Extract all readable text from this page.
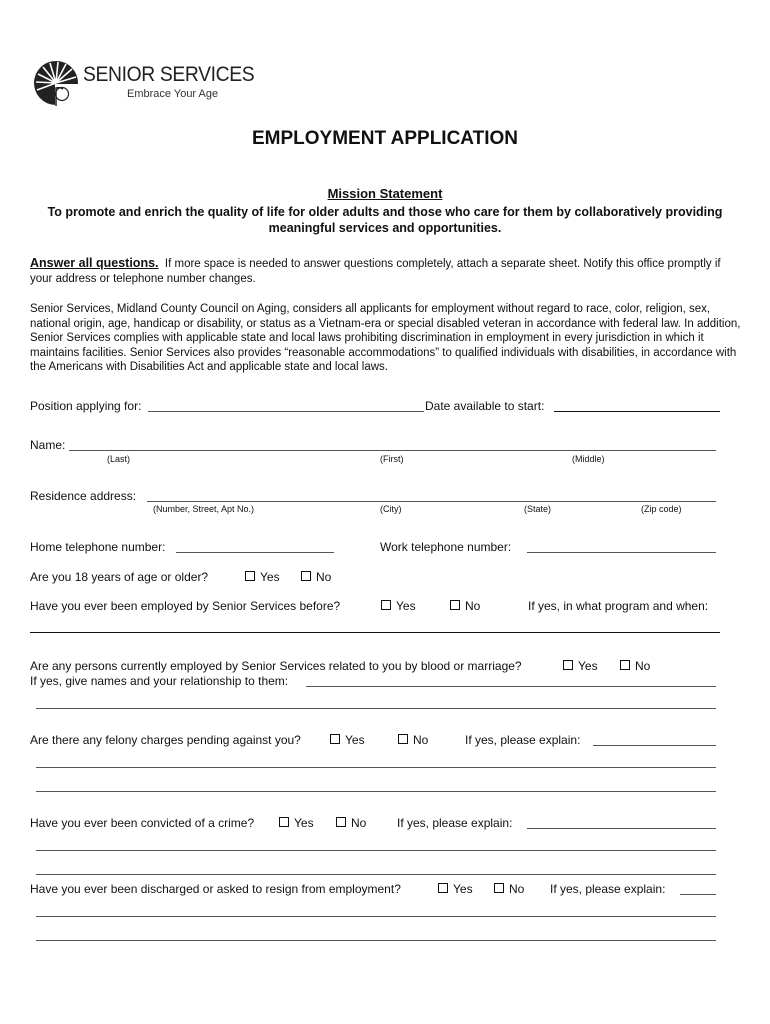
SENIOR SERVICES
Embrace Your Age
EMPLOYMENT APPLICATION
Mission Statement
To promote and enrich the quality of life for older adults and those who care for them by collaboratively providing meaningful services and opportunities.
Answer all questions. If more space is needed to answer questions completely, attach a separate sheet. Notify this office promptly if your address or telephone number changes.
Senior Services, Midland County Council on Aging, considers all applicants for employment without regard to race, color, religion, sex, national origin, age, handicap or disability, or status as a Vietnam-era or special disabled veteran in accordance with federal law. In addition, Senior Services complies with applicable state and local laws prohibiting discrimination in employment in every jurisdiction in which it maintains facilities. Senior Services also provides “reasonable accommodations” to qualified individuals with disabilities, in accordance with the Americans with Disabilities Act and applicable state and local laws.
Position applying for:	Date available to start:
Name:
(Last)	(First)	(Middle)
Residence address:
(Number, Street, Apt No.)	(City)	(State)	(Zip code)
Home telephone number:	Work telephone number:
Are you 18 years of age or older?	Yes	No
Have you ever been employed by Senior Services before?	Yes	No	If yes, in what program and when:
Are any persons currently employed by Senior Services related to you by blood or marriage?	Yes	No
If yes, give names and your relationship to them:
Are there any felony charges pending against you?	Yes	No	If yes, please explain:
Have you ever been convicted of a crime?	Yes	No	If yes, please explain:
Have you ever been discharged or asked to resign from employment?	Yes	No If yes, please explain:
